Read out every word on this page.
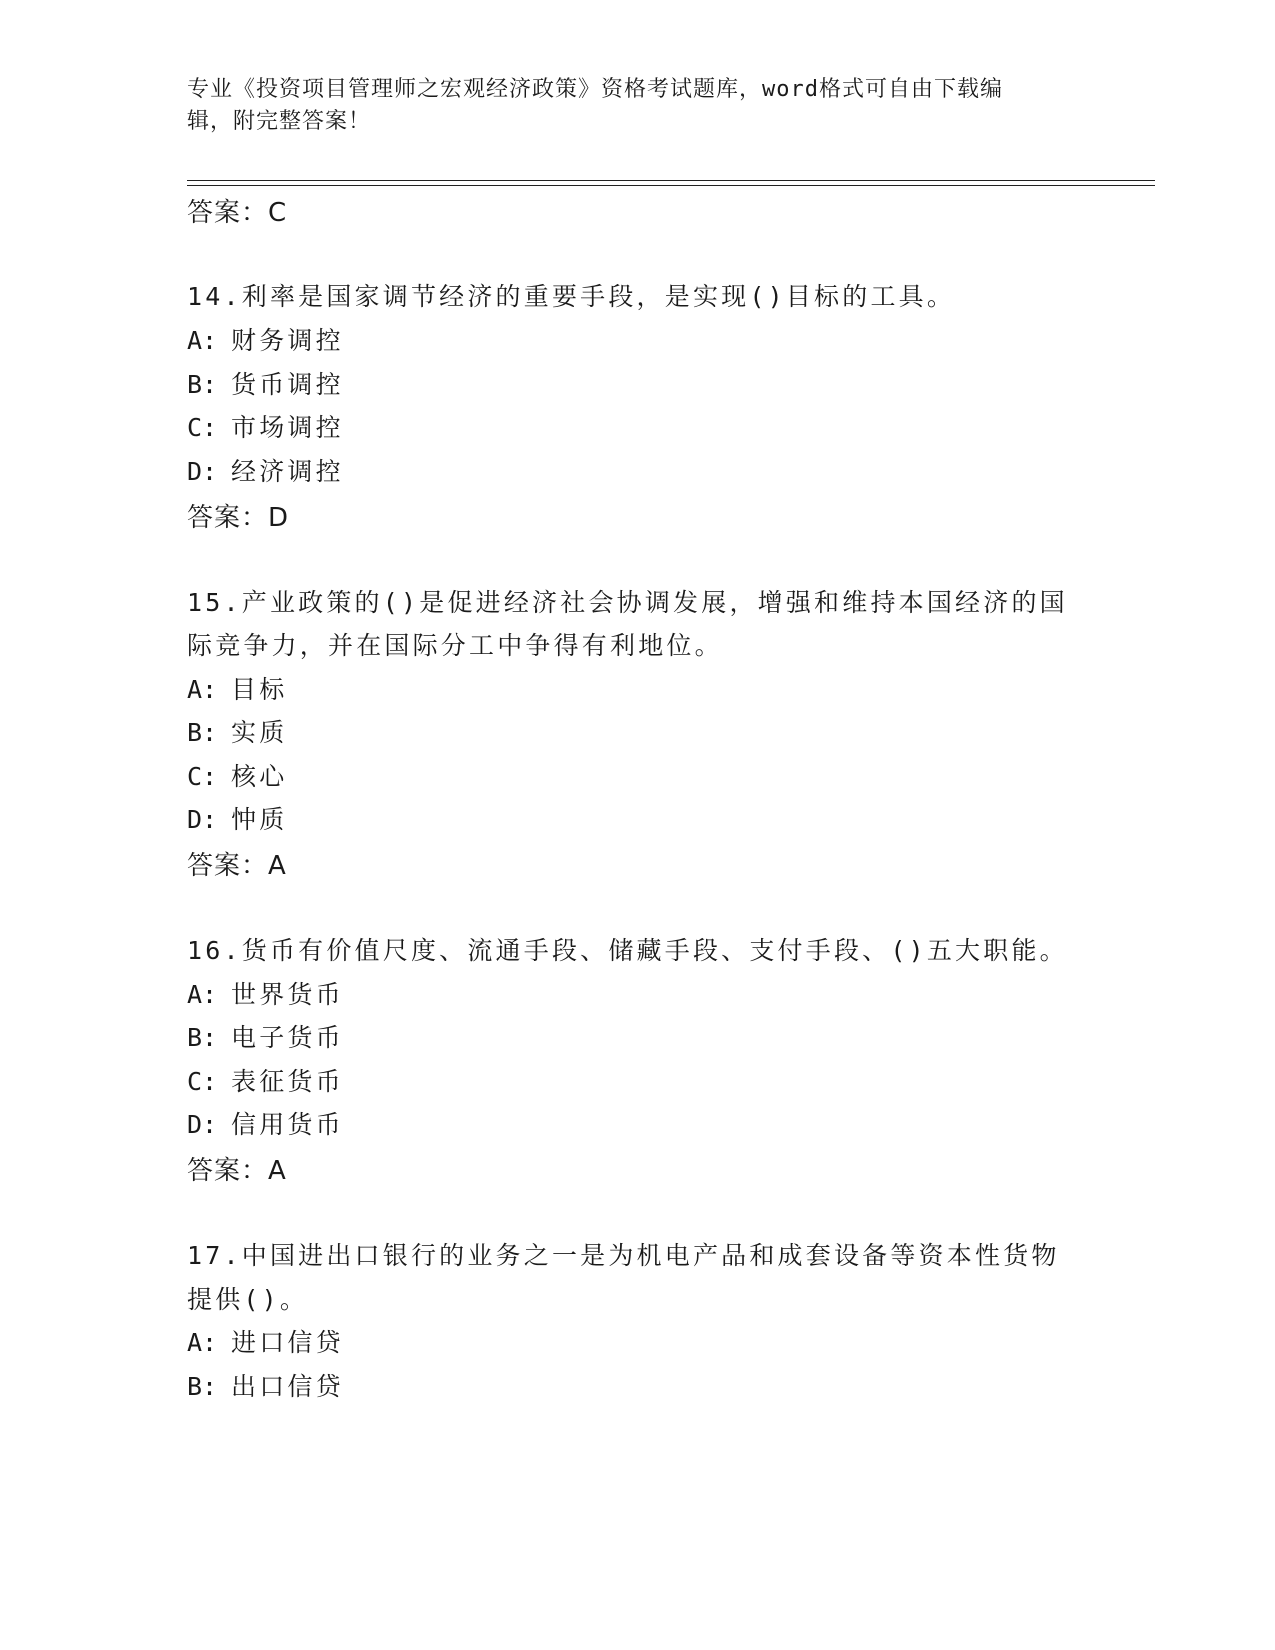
专业《投资项目管理师之宏观经济政策》资格考试题库，word格式可自由下载编
辑，附完整答案！
答案：C
14.利率是国家调节经济的重要手段，是实现()目标的工具。
A: 财务调控
B: 货币调控
C: 市场调控
D: 经济调控
答案：D
15.产业政策的()是促进经济社会协调发展，增强和维持本国经济的国
际竞争力，并在国际分工中争得有利地位。
A: 目标
B: 实质
C: 核心
D: 忡质
答案：A
16.货币有价值尺度、流通手段、储藏手段、支付手段、()五大职能。
A: 世界货币
B: 电子货币
C: 表征货币
D: 信用货币
答案：A
17.中国进出口银行的业务之一是为机电产品和成套设备等资本性货物
提供()。
A: 进口信贷
B: 出口信贷
